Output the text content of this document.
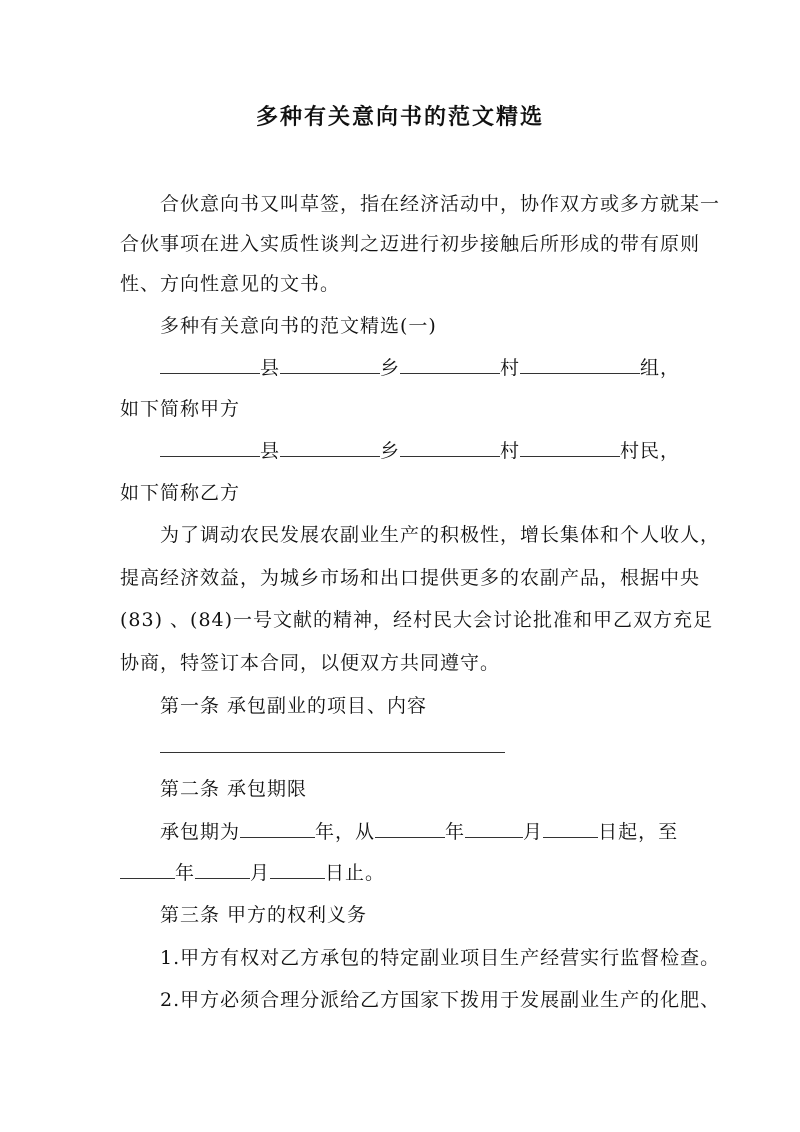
多种有关意向书的范文精选
合伙意向书又叫草签，指在经济活动中，协作双方或多方就某一
合伙事项在进入实质性谈判之迈进行初步接触后所形成的带有原则
性、方向性意见的文书。
多种有关意向书的范文精选(一)
县	乡	村	组，
如下简称甲方
县	乡	村	村民，
如下简称乙方
为了调动农民发展农副业生产的积极性，增长集体和个人收人，
提高经济效益，为城乡市场和出口提供更多的农副产品，根据中央
(83) 、(84)一号文献的精神，经村民大会讨论批准和甲乙双方充足
协商，特签订本合同，以便双方共同遵守。
第一条 承包副业的项目、内容
第二条 承包期限
承包期为	年，从	年	月	日起，至
年	月	日止。
第三条 甲方的权利义务
1.甲方有权对乙方承包的特定副业项目生产经营实行监督检查。
2.甲方必须合理分派给乙方国家下拨用于发展副业生产的化肥、
